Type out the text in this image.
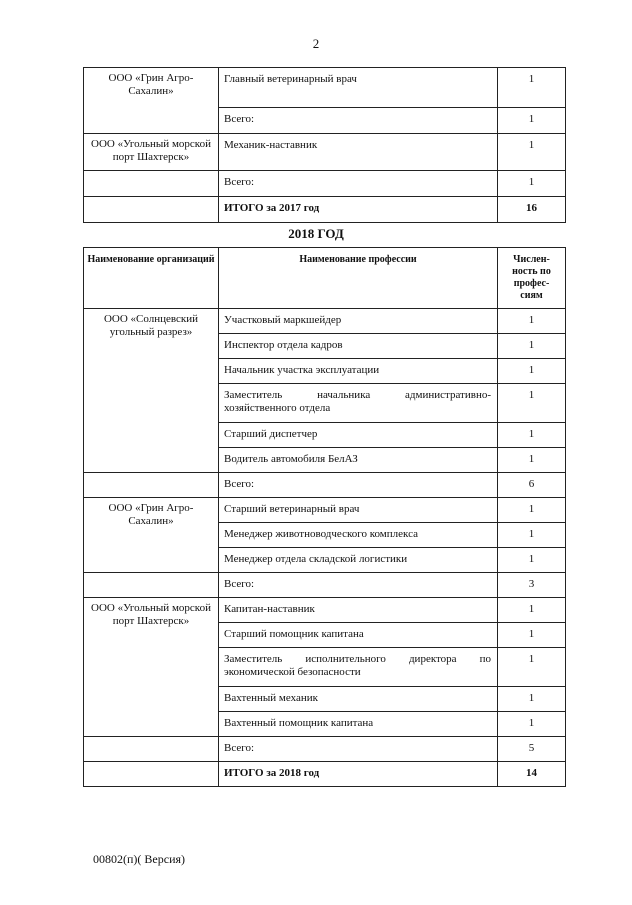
2
ООО «Грин Агро-Сахалин»	Главный ветеринарный врач	1
	Всего:	1
ООО «Угольный морской порт Шахтерск»	Механик-наставник	1
	Всего:	1
	ИТОГО за 2017 год	16
2018 ГОД
Наименование организаций	Наименование профессии	Числен-ность по профес-сиям
ООО «Солнцевский угольный разрез»	Участковый маркшейдер	1
	Инспектор отдела кадров	1
	Начальник участка эксплуатации	1
	Заместитель начальника административно-хозяйственного отдела	1
	Старший диспетчер	1
	Водитель автомобиля БелАЗ	1
	Всего:	6
ООО «Грин Агро-Сахалин»	Старший ветеринарный врач	1
	Менеджер животноводческого комплекса	1
	Менеджер отдела складской логистики	1
	Всего:	3
ООО «Угольный морской порт Шахтерск»	Капитан-наставник	1
	Старший помощник капитана	1
	Заместитель исполнительного директора по экономической безопасности	1
	Вахтенный механик	1
	Вахтенный помощник капитана	1
	Всего:	5
	ИТОГО за 2018 год	14
00802(п)( Версия)
